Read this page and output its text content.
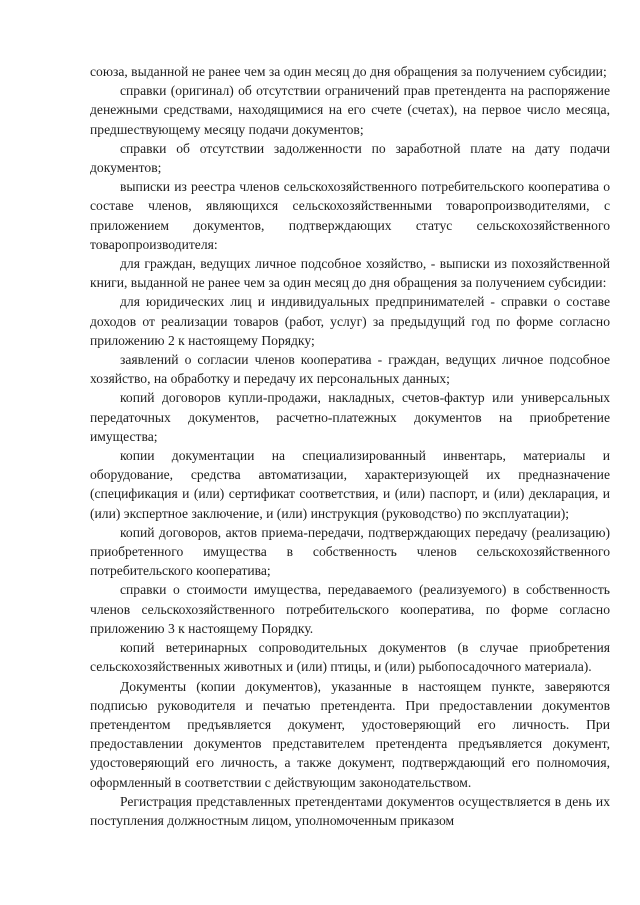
союза, выданной не ранее чем за один месяц до дня обращения за получением субсидии;

справки (оригинал) об отсутствии ограничений прав претендента на распоряжение денежными средствами, находящимися на его счете (счетах), на первое число месяца, предшествующему месяцу подачи документов;

справки об отсутствии задолженности по заработной плате на дату подачи документов;

выписки из реестра членов сельскохозяйственного потребительского кооператива о составе членов, являющихся сельскохозяйственными товаропроизводителями, с приложением документов, подтверждающих статус сельскохозяйственного товаропроизводителя:

для граждан, ведущих личное подсобное хозяйство, - выписки из похозяйственной книги, выданной не ранее чем за один месяц до дня обращения за получением субсидии:

для юридических лиц и индивидуальных предпринимателей - справки о составе доходов от реализации товаров (работ, услуг) за предыдущий год по форме согласно приложению 2 к настоящему Порядку;

заявлений о согласии членов кооператива - граждан, ведущих личное подсобное хозяйство, на обработку и передачу их персональных данных;

копий договоров купли-продажи, накладных, счетов-фактур или универсальных передаточных документов, расчетно-платежных документов на приобретение имущества;

копии документации на специализированный инвентарь, материалы и оборудование, средства автоматизации, характеризующей их предназначение (спецификация и (или) сертификат соответствия, и (или) паспорт, и (или) декларация, и (или) экспертное заключение, и (или) инструкция (руководство) по эксплуатации);

копий договоров, актов приема-передачи, подтверждающих передачу (реализацию) приобретенного имущества в собственность членов сельскохозяйственного потребительского кооператива;

справки о стоимости имущества, передаваемого (реализуемого) в собственность членов сельскохозяйственного потребительского кооператива, по форме согласно приложению 3 к настоящему Порядку.

копий ветеринарных сопроводительных документов (в случае приобретения сельскохозяйственных животных и (или) птицы, и (или) рыбопосадочного материала).

Документы (копии документов), указанные в настоящем пункте, заверяются подписью руководителя и печатью претендента. При предоставлении документов претендентом предъявляется документ, удостоверяющий его личность. При предоставлении документов представителем претендента предъявляется документ, удостоверяющий его личность, а также документ, подтверждающий его полномочия, оформленный в соответствии с действующим законодательством.

Регистрация представленных претендентами документов осуществляется в день их поступления должностным лицом, уполномоченным приказом
